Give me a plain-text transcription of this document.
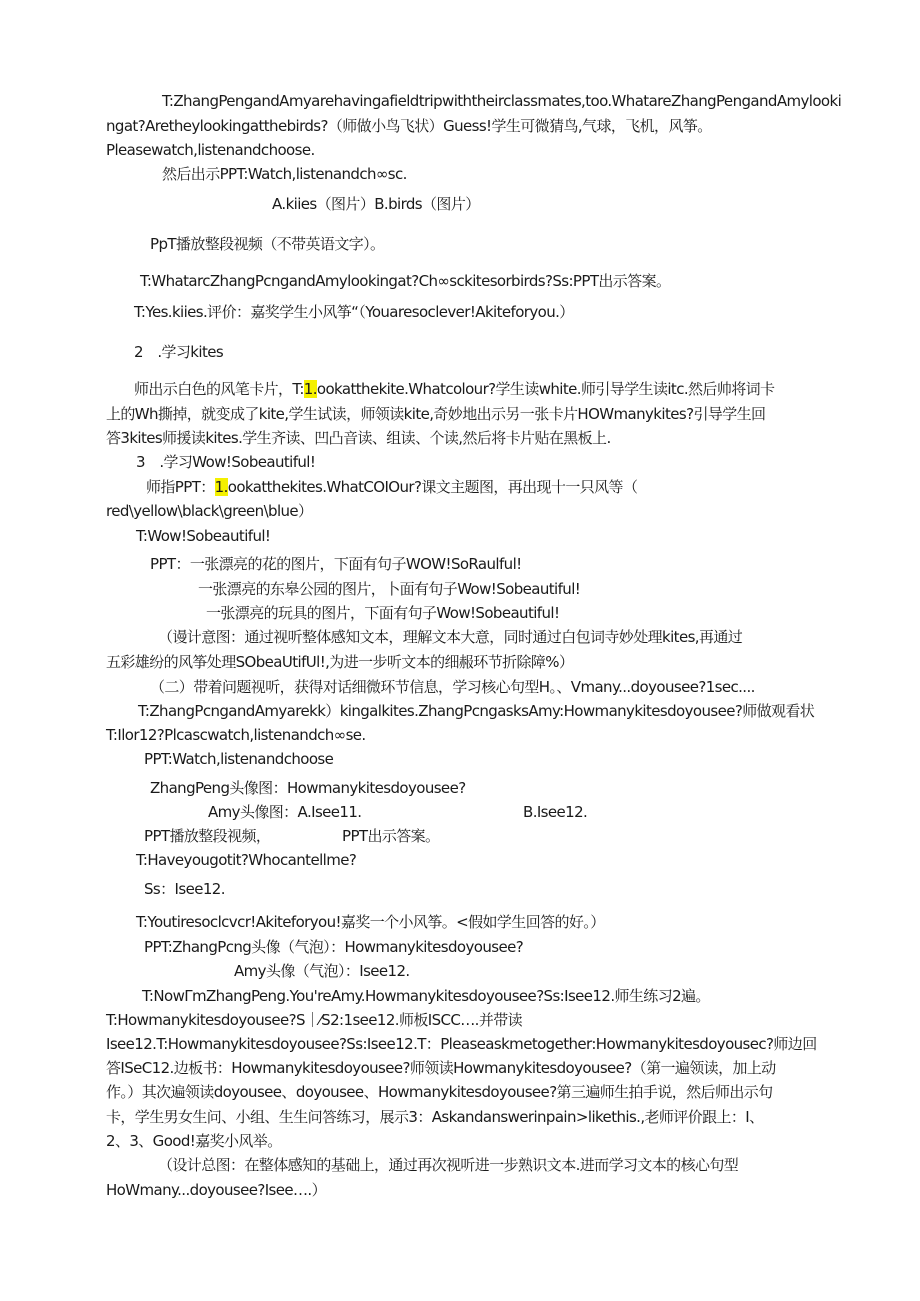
T:ZhangPengandAmyarehavingafieldtripwiththeirclassmates,too.WhatareZhangPengandAmylooki
ngat?Aretheylookingatthebirds?（师做小鸟飞状）Guess!学生可微猜鸟,气球，飞机，风筝。
Pleasewatch,listenandchoose.
然后出示PPT:Watch,listenandch∞sc.
A.kiies（图片）B.birds（图片）
PpT播放整段视频（不带英语文字）。
T:WhatarcZhangPcngandAmylookingat?Ch∞sckitesorbirds?Ss:PPT出示答案。
T:Yes.kiies.评价：嘉奖学生小风筝“（Youaresoclever!Akiteforyou.）
2　.学习kites
师出示白色的风笔卡片，T:1.ookatthekite.Whatcolour?学生读white.师引导学生读itc.然后帅将词卡
上的Wh撕掉，就变成了kite,学生试读，师领读kite,奇妙地出示另一张卡片HOWmanykites?引导学生回
答3kites师援读kites.学生齐读、凹凸音读、组读、个读,然后将卡片贴在黑板上.
3　.学习Wow!Sobeautiful!
师指PPT：1.ookatthekites.WhatCOIOur?课文主题图，再出现十一只风等（
red\yellow\black\green\blue）
T:Wow!Sobeautiful!
PPT：一张漂亮的花的图片，下面有句子WOW!SoRaulful!
一张漂亮的东皋公园的图片，卜面有句子Wow!Sobeautiful!
一张漂亮的玩具的图片，下面有句子Wow!Sobeautiful!
（谩计意图：通过视听整体感知文本，理解文本大意，同时通过白包词寺妙处理kites,再通过
五彩雄纷的风筝处理SObeaUtifUl!,为进一步听文本的细赧环节折除障%）
（二）带着问题视听，获得对话细微环节信息，学习核心句型H。、Vmany...doyousee?1sec....
T:ZhangPcngandAmyarekk）kingalkites.ZhangPcngasksAmy:Howmanykitesdoyousee?师做观看状
T:Ilor12?Plcascwatch,listenandch∞se.
PPT:Watch,listenandchoose
ZhangPeng头像图：Howmanykitesdoyousee?
Amy头像图：A.Isee11.	B.Isee12.
PPT播放整段视频，	PPT出示答案。
T:Haveyougotit?Whocantellme?
Ss：Isee12.
T:Youtiresoclcvcr!Akiteforyou!嘉奖一个小风筝。<假如学生回答的好。）
PPT:ZhangPcng头像（气泡）：Howmanykitesdoyousee?
Amy头像（气泡）：Isee12.
T:NowΓmZhangPeng.You'reAmy.Howmanykitesdoyousee?Ss:Isee12.师生练习2遍。
T:Howmanykitesdoyousee?S｜⁄S2:1see12.师板ISCC….并带读
Isee12.T:Howmanykitesdoyousee?Ss:Isee12.T：Pleaseaskmetogether:Howmanykitesdoyousec?师边回
答ISeC12.边板书：Howmanykitesdoyousee?师领读Howmanykitesdoyousee?（第一遍领读，加上动
作。）其次遍领读doyousee、doyousee、Howmanykitesdoyousee?第三遍师生拍手说，然后师出示句
卡，学生男女生问、小组、生生问答练习，展示3：Askandanswerinpain>likethis.,老师评价跟上：I、
2、3、Good!嘉奖小风举。
（设计总图：在整体感知的基础上，通过再次视听进一步熟识文本.进而学习文本的核心句型
HoWmany...doyousee?Isee….）
